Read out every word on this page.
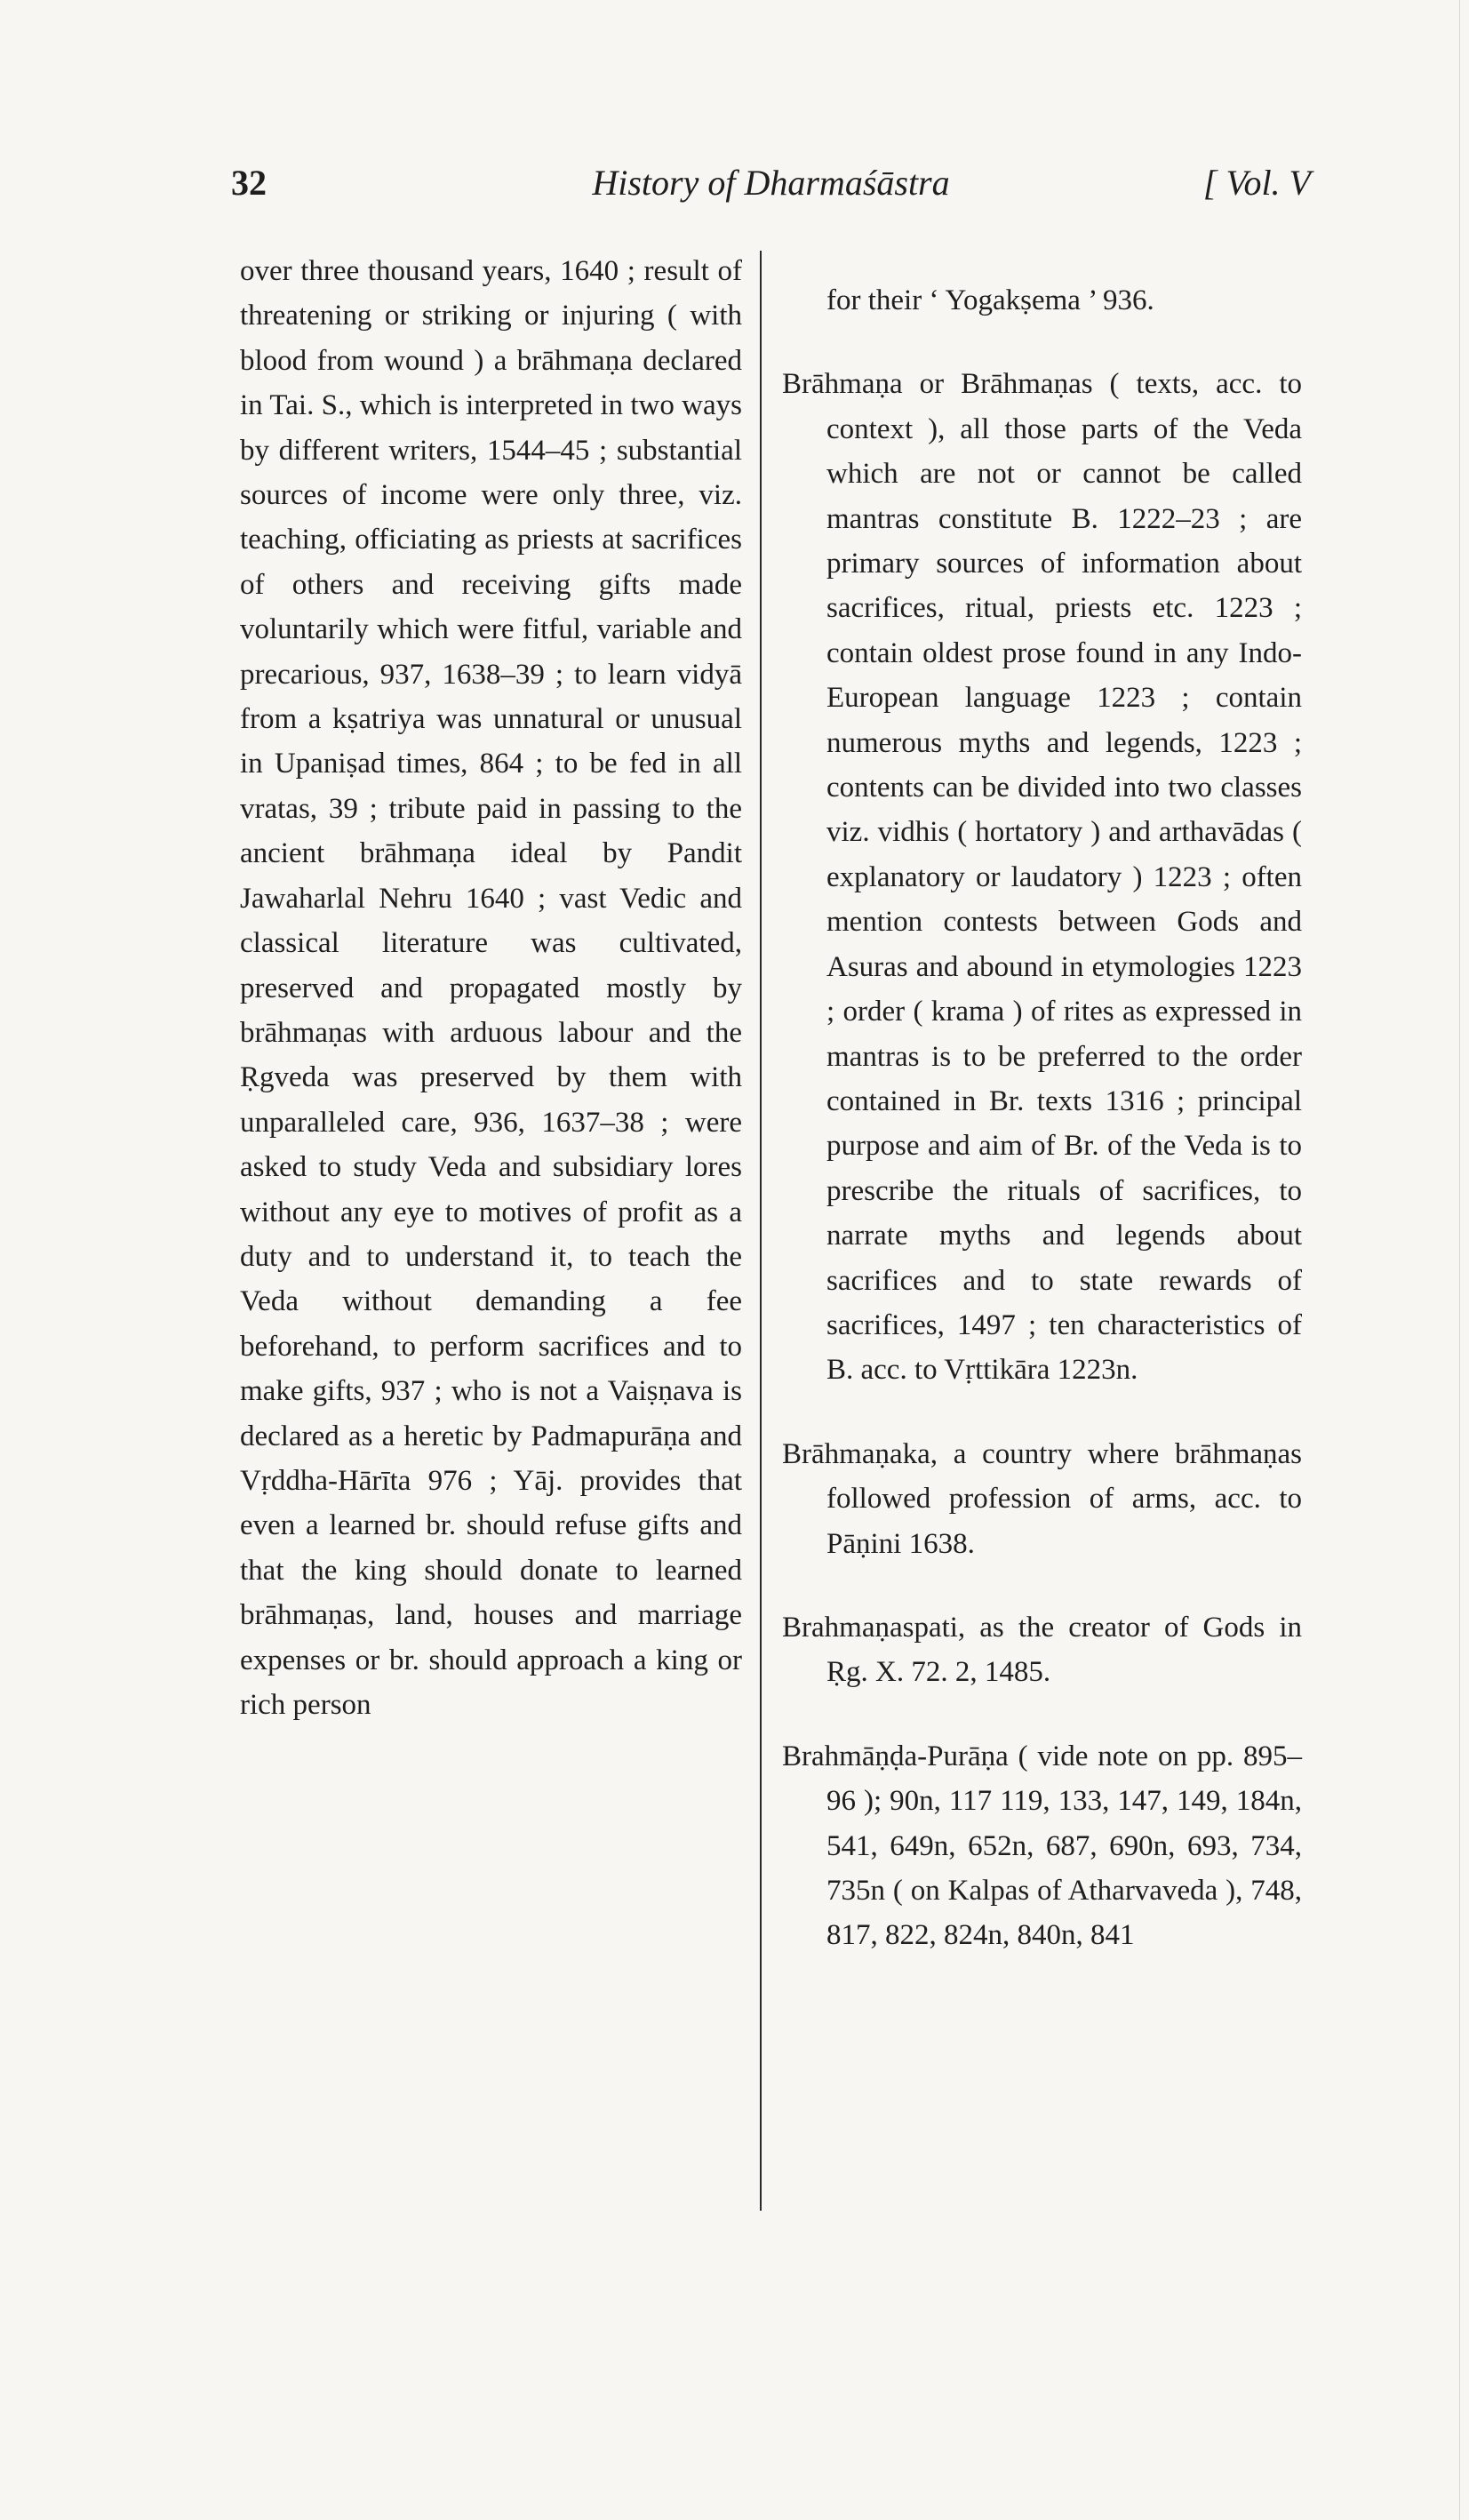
32	History of Dharmaśāstra	[ Vol. V

over three thousand years, 1640 ; result of threatening or striking or injuring ( with blood from wound ) a brāhmaṇa declared in Tai. S., which is interpreted in two ways by different writers, 1544–45 ; substantial sources of income were only three, viz. teaching, officiating as priests at sacrifices of others and receiving gifts made voluntarily which were fitful, variable and precarious, 937, 1638–39 ; to learn vidyā from a kṣatriya was unnatural or unusual in Upaniṣad times, 864 ; to be fed in all vratas, 39 ; tribute paid in passing to the ancient brāhmaṇa ideal by Pandit Jawaharlal Nehru 1640 ; vast Vedic and classical literature was cultivated, preserved and propagated mostly by brāhmaṇas with arduous labour and the Ṛgveda was preserved by them with unparalleled care, 936, 1637–38 ; were asked to study Veda and subsidiary lores without any eye to motives of profit as a duty and to understand it, to teach the Veda without demanding a fee beforehand, to perform sacrifices and to make gifts, 937 ; who is not a Vaiṣṇava is declared as a heretic by Padmapurāṇa and Vṛddha-Hārīta 976 ; Yāj. provides that even a learned br. should refuse gifts and that the king should donate to learned brāhmaṇas, land, houses and marriage expenses or br. should approach a king or rich person

for their ‘ Yogakṣema ’ 936.

Brāhmaṇa or Brāhmaṇas ( texts, acc. to context ), all those parts of the Veda which are not or cannot be called mantras constitute B. 1222–23 ; are primary sources of information about sacrifices, ritual, priests etc. 1223 ; contain oldest prose found in any Indo-European language 1223 ; contain numerous myths and legends, 1223 ; contents can be divided into two classes viz. vidhis ( hortatory ) and arthavādas ( explanatory or laudatory ) 1223 ; often mention contests between Gods and Asuras and abound in etymologies 1223 ; order ( krama ) of rites as expressed in mantras is to be preferred to the order contained in Br. texts 1316 ; principal purpose and aim of Br. of the Veda is to prescribe the rituals of sacrifices, to narrate myths and legends about sacrifices and to state rewards of sacrifices, 1497 ; ten characteristics of B. acc. to Vṛttikāra 1223n.

Brāhmaṇaka, a country where brāhmaṇas followed profession of arms, acc. to Pāṇini 1638.

Brahmaṇaspati, as the creator of Gods in Ṛg. X. 72. 2, 1485.

Brahmāṇḍa-Purāṇa ( vide note on pp. 895–96 ); 90n, 117 119, 133, 147, 149, 184n, 541, 649n, 652n, 687, 690n, 693, 734, 735n ( on Kalpas of Atharvaveda ), 748, 817, 822, 824n, 840n, 841
